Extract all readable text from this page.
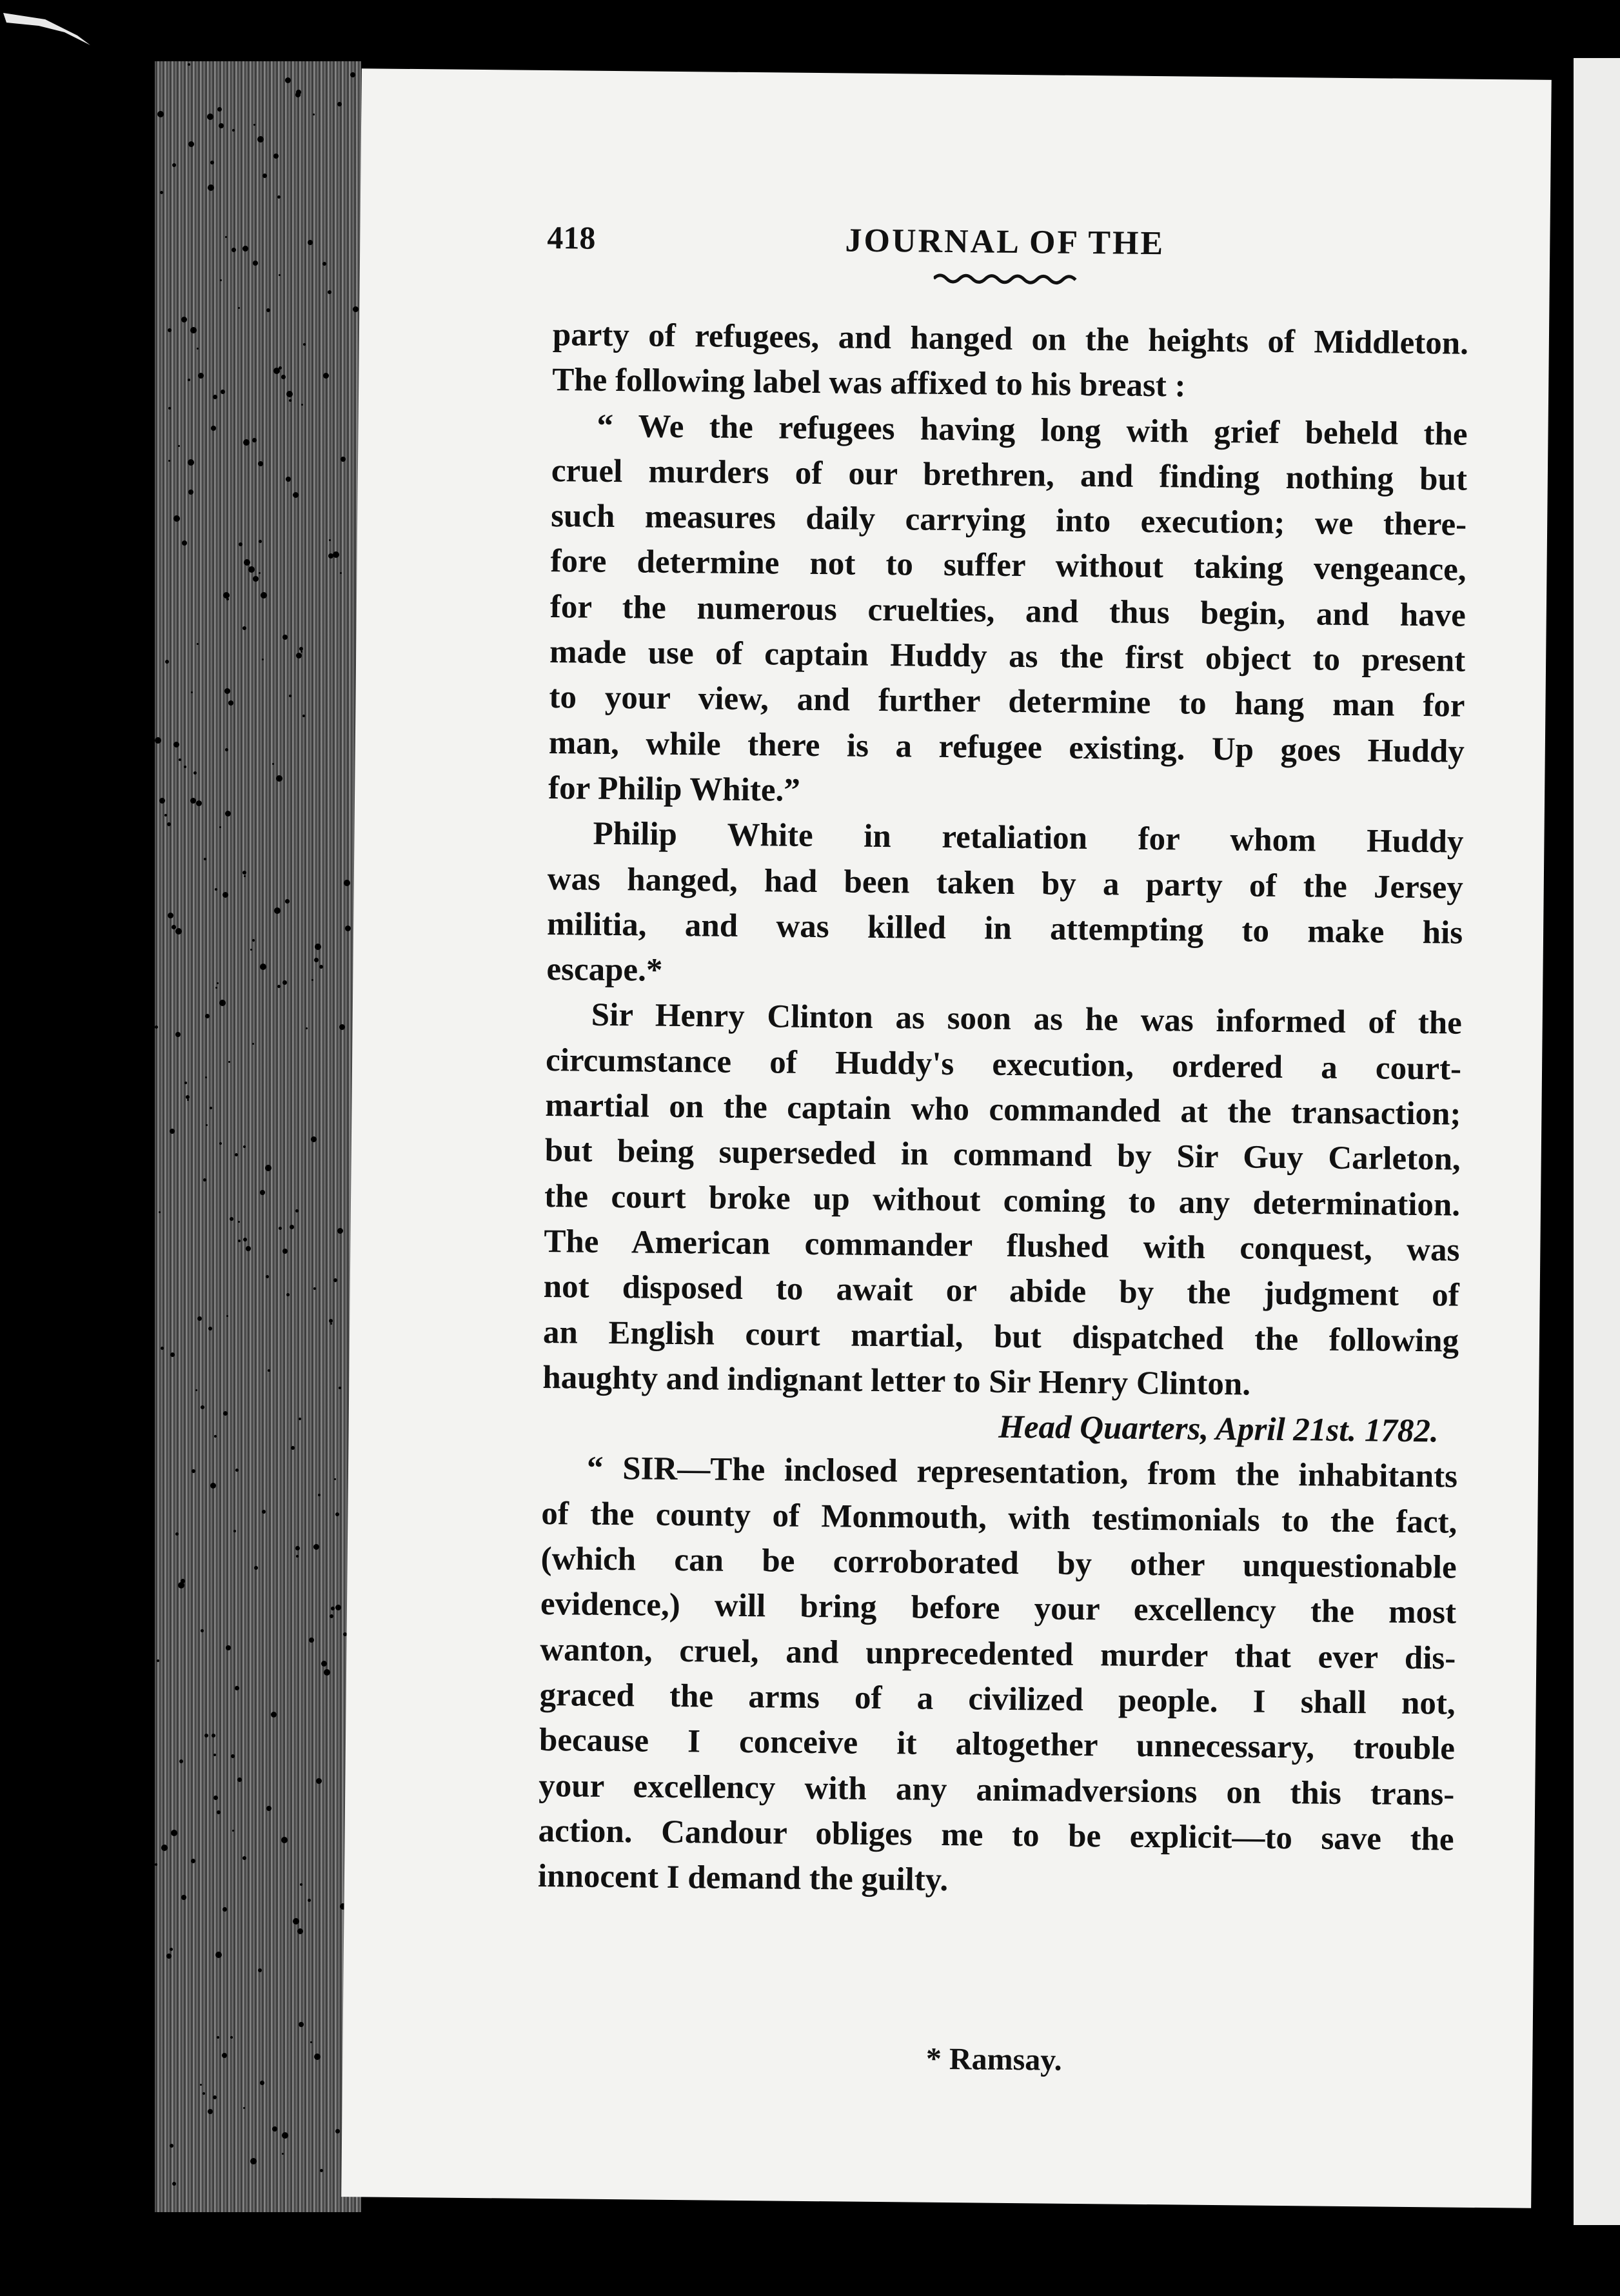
418	JOURNAL OF THE
party of refugees, and hanged on the heights of Middleton.
The following label was affixed to his breast :
“ We the refugees having long with grief beheld the
cruel murders of our brethren, and finding nothing but
such measures daily carrying into execution; we there-
fore determine not to suffer without taking vengeance,
for the numerous cruelties, and thus begin, and have
made use of captain Huddy as the first object to present
to your view, and further determine to hang man for
man, while there is a refugee existing. Up goes Huddy
for Philip White.”
Philip White in retaliation for whom Huddy
was hanged, had been taken by a party of the Jersey
militia, and was killed in attempting to make his
escape.*
Sir Henry Clinton as soon as he was informed of the
circumstance of Huddy's execution, ordered a court-
martial on the captain who commanded at the transaction;
but being superseded in command by Sir Guy Carleton,
the court broke up without coming to any determination.
The American commander flushed with conquest, was
not disposed to await or abide by the judgment of
an English court martial, but dispatched the following
haughty and indignant letter to Sir Henry Clinton.
Head Quarters, April 21st. 1782.
“ SIR—The inclosed representation, from the inhabitants
of the county of Monmouth, with testimonials to the fact,
(which can be corroborated by other unquestionable
evidence,) will bring before your excellency the most
wanton, cruel, and unprecedented murder that ever dis-
graced the arms of a civilized people. I shall not,
because I conceive it altogether unnecessary, trouble
your excellency with any animadversions on this trans-
action. Candour obliges me to be explicit—to save the
innocent I demand the guilty.
* Ramsay.
